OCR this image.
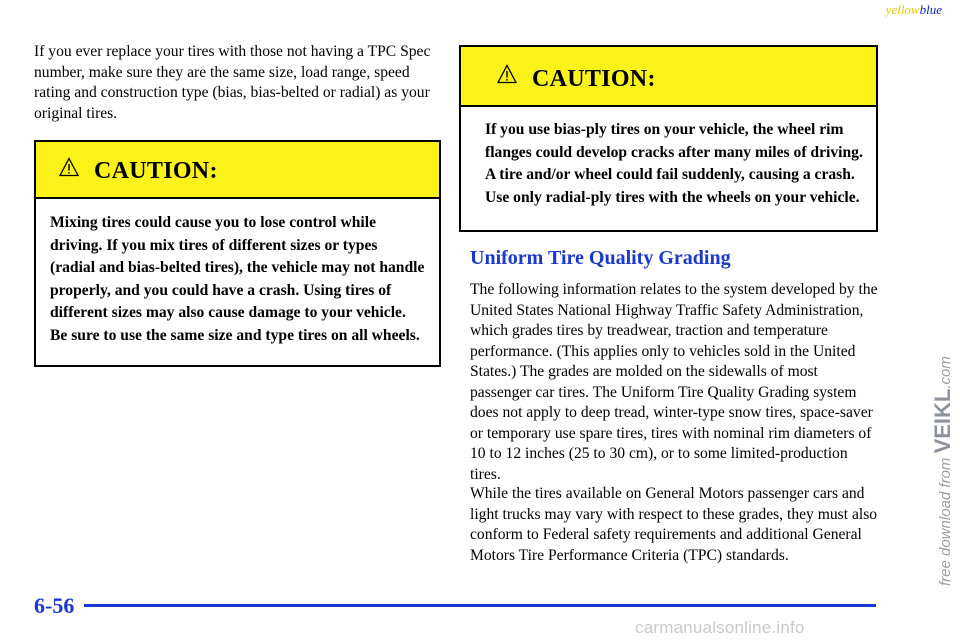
yellowblue

If you ever replace your tires with those not having a TPC Spec number, make sure they are the same size, load range, speed rating and construction type (bias, bias-belted or radial) as your original tires.

CAUTION:

Mixing tires could cause you to lose control while driving. If you mix tires of different sizes or types (radial and bias-belted tires), the vehicle may not handle properly, and you could have a crash. Using tires of different sizes may also cause damage to your vehicle. Be sure to use the same size and type tires on all wheels.

CAUTION:

If you use bias-ply tires on your vehicle, the wheel rim flanges could develop cracks after many miles of driving. A tire and/or wheel could fail suddenly, causing a crash. Use only radial-ply tires with the wheels on your vehicle.

Uniform Tire Quality Grading

The following information relates to the system developed by the United States National Highway Traffic Safety Administration, which grades tires by treadwear, traction and temperature performance. (This applies only to vehicles sold in the United States.) The grades are molded on the sidewalls of most passenger car tires. The Uniform Tire Quality Grading system does not apply to deep tread, winter-type snow tires, space-saver or temporary use spare tires, tires with nominal rim diameters of 10 to 12 inches (25 to 30 cm), or to some limited-production tires.

While the tires available on General Motors passenger cars and light trucks may vary with respect to these grades, they must also conform to Federal safety requirements and additional General Motors Tire Performance Criteria (TPC) standards.

6-56

carmanualsonline.info

free download from VEIKL.com
